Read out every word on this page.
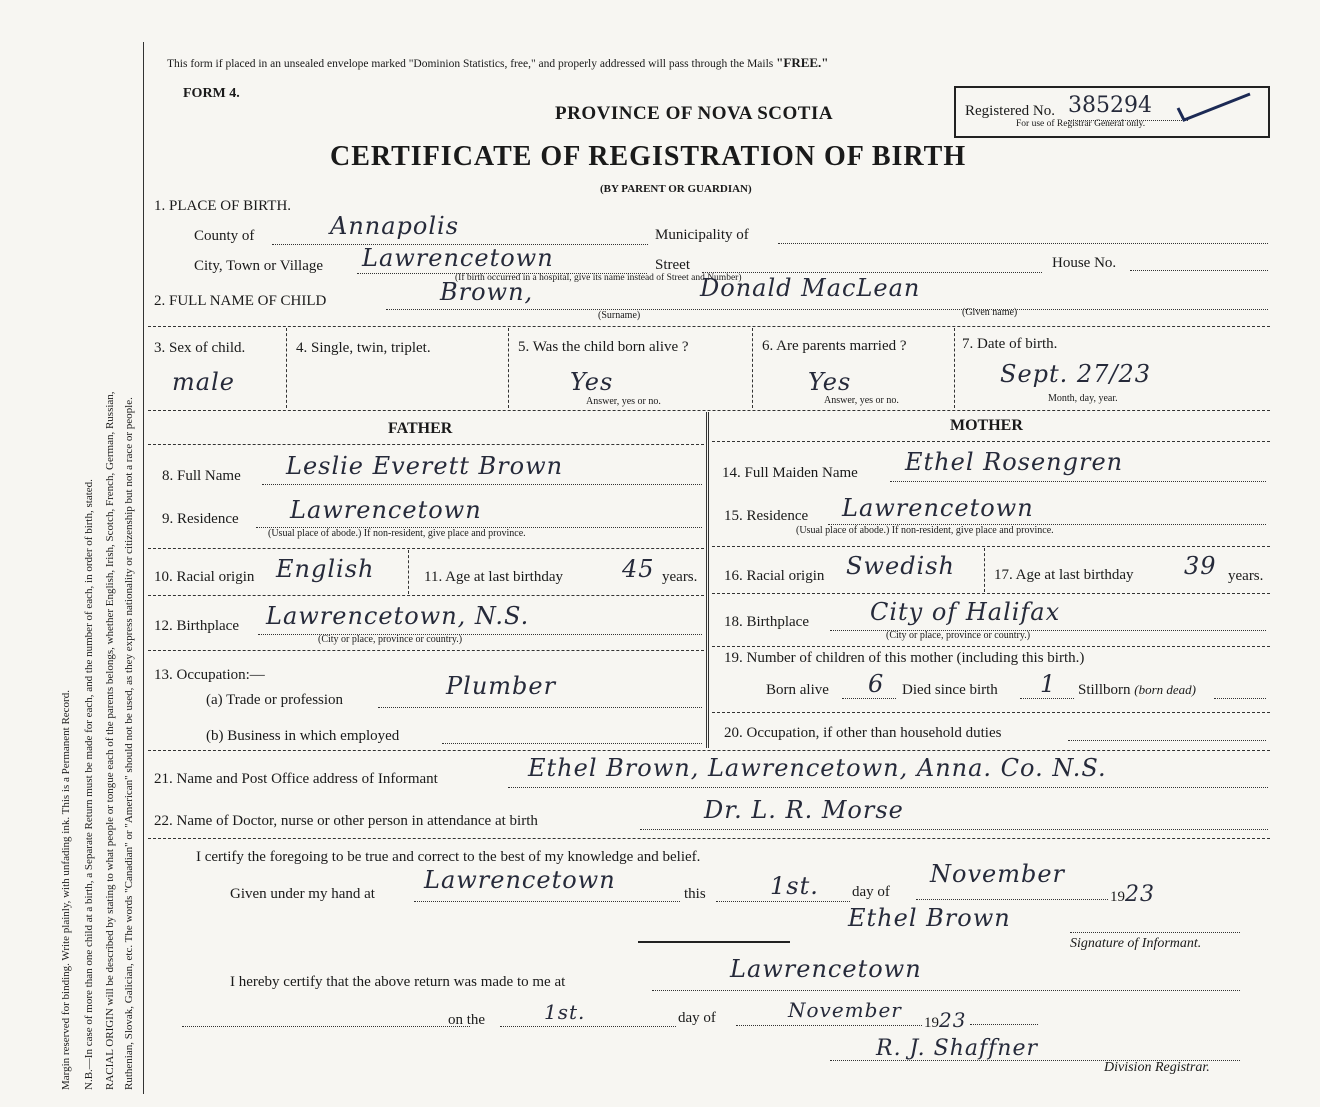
Margin reserved for binding. Write plainly, with unfading ink. This is a Permanent Record. N.B.—In case of more than one child at a birth, a Separate Return must be made for each, and the number of each, in order of birth, stated. RACIAL ORIGIN will be described by stating to what people or tongue each of the parents belongs, whether English, Irish, Scotch, French, German, Russian, Ruthenian, Slovak, Galician, etc. The words "Canadian" or "American" should not be used, as they express nationality or citizenship but not a race or people.
This form if placed in an unsealed envelope marked "Dominion Statistics, free," and properly addressed will pass through the Mails "FREE."
FORM 4.
PROVINCE OF NOVA SCOTIA
CERTIFICATE OF REGISTRATION OF BIRTH
(BY PARENT OR GUARDIAN)
Registered No. 385294
For use of Registrar General only.
1. PLACE OF BIRTH.
County of	Annapolis	Municipality of
City, Town or Village Lawrencetown	Street	House No.
(If birth occurred in a hospital, give its name instead of Street and Number)
2. FULL NAME OF CHILD	Brown,	Donald MacLean
(Surname)	(Given name)
3. Sex of child.
male
4. Single, twin, triplet.	5. Was the child born alive ?
Yes
Answer, yes or no.
6. Are parents married ?
Yes
Answer, yes or no.
7. Date of birth.
Sept. 27/23
Month, day, year.
FATHER	MOTHER
8. Full Name Leslie Everett Brown	14. Full Maiden Name Ethel Rosengren
9. Residence Lawrencetown
(Usual place of abode.) If non-resident, give place and province.
15. Residence Lawrencetown
(Usual place of abode.) If non-resident, give place and province.
10. Racial origin English	11. Age at last birthday 45 years. 16. Racial origin Swedish	17. Age at last birthday 39 years.
12. Birthplace Lawrencetown, N.S.
(City or place, province or country.)
18. Birthplace	City of Halifax
(City or place, province or country.)
13. Occupation:—
(a) Trade or profession	Plumber
(b) Business in which employed
19. Number of children of this mother (including this birth.)
Born alive 6 Died since birth 1 Stillborn (born dead)
20. Occupation, if other than household duties
21. Name and Post Office address of Informant	Ethel Brown, Lawrencetown, Anna. Co. N.S.
22. Name of Doctor, nurse or other person in attendance at birth	Dr. L. R. Morse
I certify the foregoing to be true and correct to the best of my knowledge and belief.
Given under my hand at Lawrencetown	this	1st. day of
November
1923
Ethel Brown
Signature of Informant.
I hereby certify that the above return was made to me at	Lawrencetown
on the	1st.	day of	November
1923
R. J. Shaffner
Division Registrar.
